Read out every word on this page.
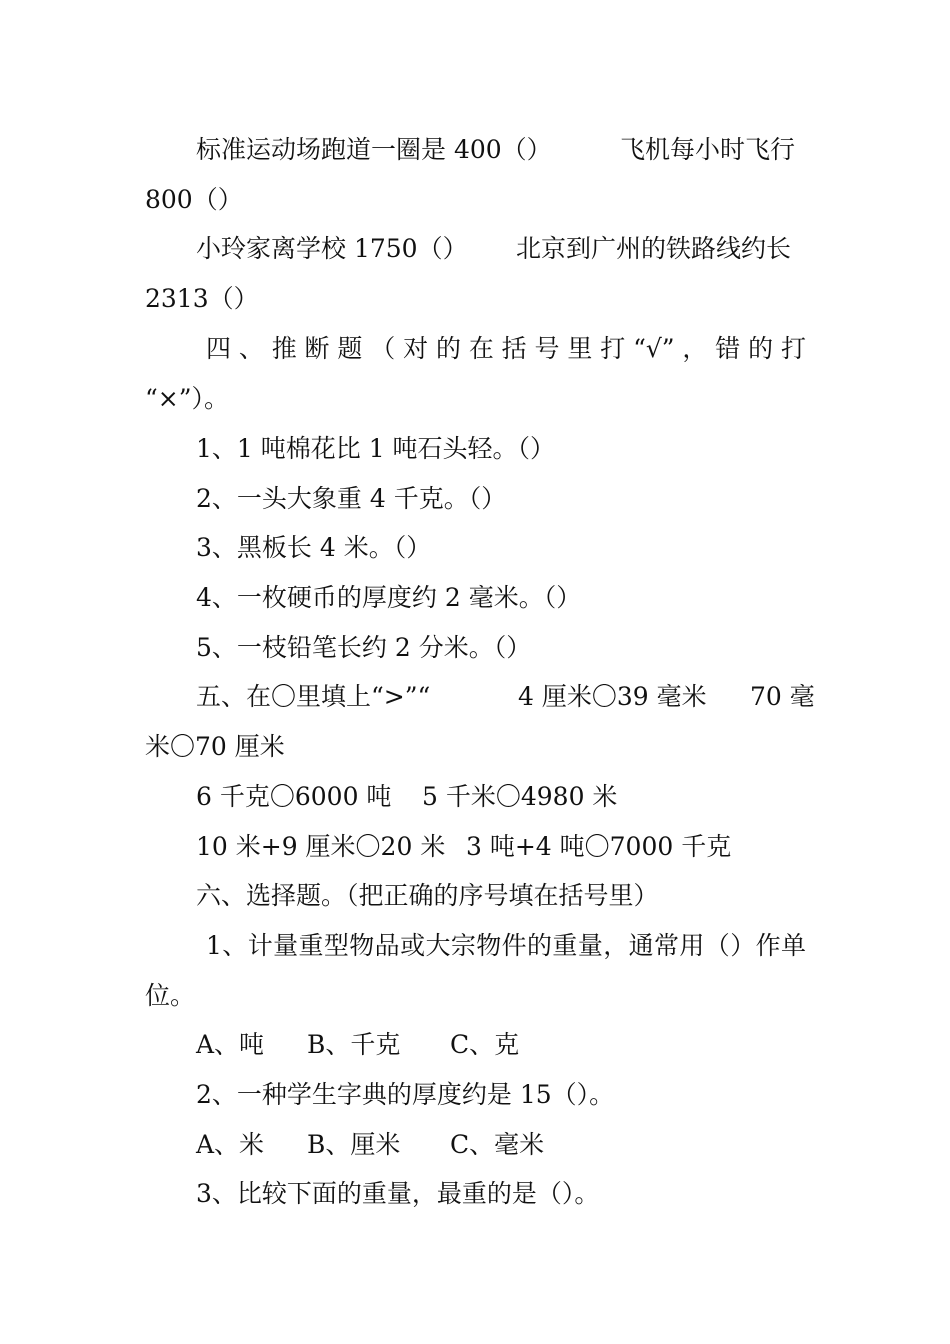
标准运动场跑道一圈是 400（）	飞机每小时飞行
800（）
小玲家离学校 1750（） 北京到广州的铁路线约长
2313（）
四、推断题（对的在括号里打“√”，错的打
“×”）。
1、1 吨棉花比 1 吨石头轻。（）
2、一头大象重 4 千克。（）
3、黑板长 4 米。（）
4、一枚硬币的厚度约 2 毫米。（）
5、一枝铅笔长约 2 分米。（）
五、在〇里填上“>”“	4 厘米〇39 毫米 70 毫
米〇70 厘米
6 千克〇6000 吨 5 千米〇4980 米
10 米+9 厘米〇20 米 3 吨+4 吨〇7000 千克
六、选择题。（把正确的序号填在括号里）
1、计量重型物品或大宗物件的重量，通常用（）作单
位。
A、吨 B、千克 C、克
2、一种学生字典的厚度约是 15（）。
A、米 B、厘米 C、毫米
3、比较下面的重量，最重的是（）。
